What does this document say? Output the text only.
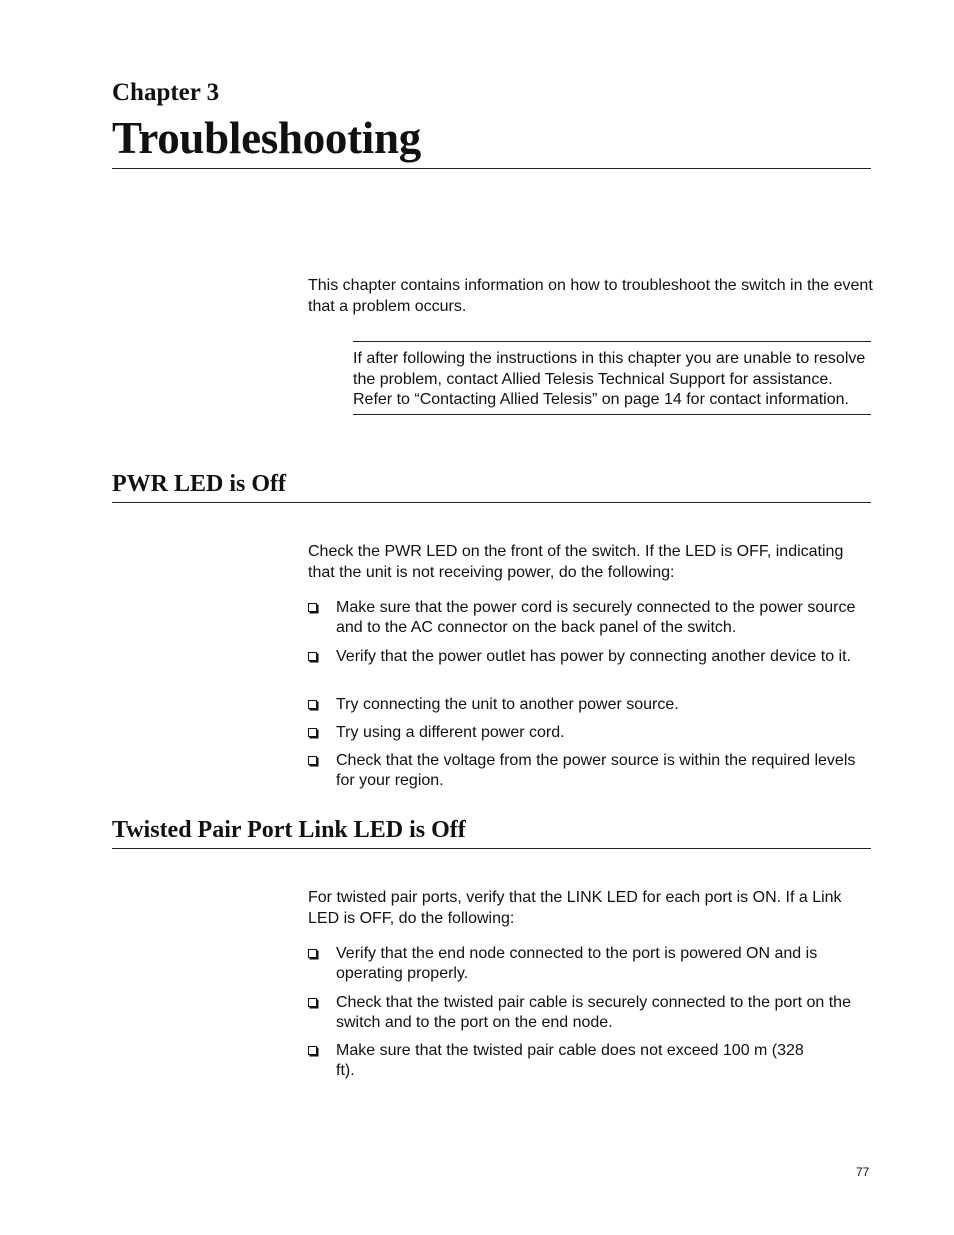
Chapter 3
Troubleshooting
This chapter contains information on how to troubleshoot the switch in the event that a problem occurs.
If after following the instructions in this chapter you are unable to resolve the problem, contact Allied Telesis Technical Support for assistance. Refer to “Contacting Allied Telesis” on page 14 for contact information.
PWR LED is Off
Check the PWR LED on the front of the switch. If the LED is OFF, indicating that the unit is not receiving power, do the following:
Make sure that the power cord is securely connected to the power source and to the AC connector on the back panel of the switch.
Verify that the power outlet has power by connecting another device to it.
Try connecting the unit to another power source.
Try using a different power cord.
Check that the voltage from the power source is within the required levels for your region.
Twisted Pair Port Link LED is Off
For twisted pair ports, verify that the LINK LED for each port is ON. If a Link LED is OFF, do the following:
Verify that the end node connected to the port is powered ON and is operating properly.
Check that the twisted pair cable is securely connected to the port on the switch and to the port on the end node.
Make sure that the twisted pair cable does not exceed 100 m (328 ft).
77
